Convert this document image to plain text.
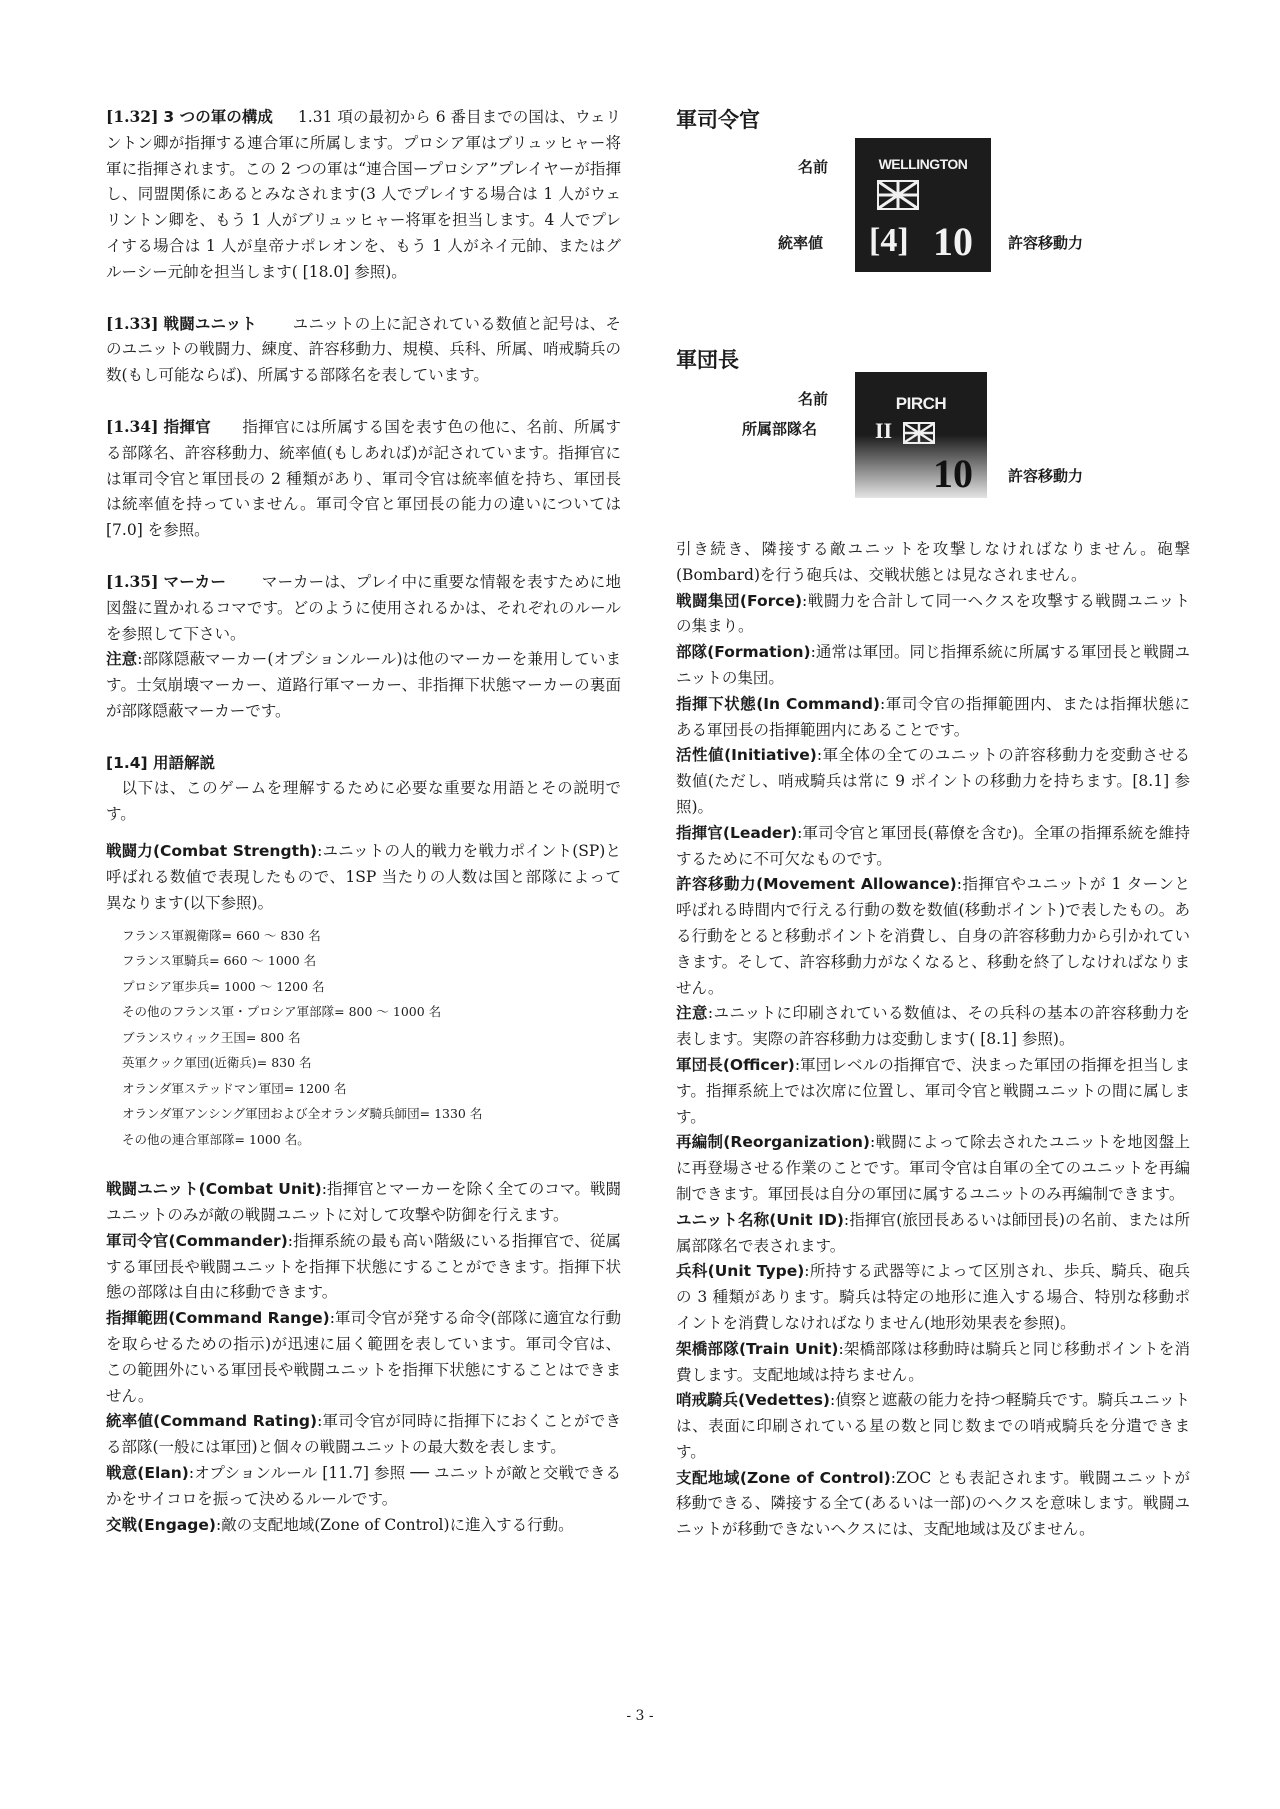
[1.32] 3 つの軍の構成 1.31 項の最初から 6 番目までの国は、ウェリントン卿が指揮する連合軍に所属します。プロシア軍はブリュッヒャー将軍に指揮されます。この 2 つの軍は“連合国ープロシア”プレイヤーが指揮し、同盟関係にあるとみなされます(3 人でプレイする場合は 1 人がウェリントン卿を、もう 1 人がブリュッヒャー将軍を担当します。4 人でプレイする場合は 1 人が皇帝ナポレオンを、もう 1 人がネイ元帥、またはグルーシー元帥を担当します( [18.0] 参照)。

[1.33] 戦闘ユニット ユニットの上に記されている数値と記号は、そのユニットの戦闘力、練度、許容移動力、規模、兵科、所属、哨戒騎兵の数(もし可能ならば)、所属する部隊名を表しています。

[1.34] 指揮官 指揮官には所属する国を表す色の他に、名前、所属する部隊名、許容移動力、統率値(もしあれば)が記されています。指揮官には軍司令官と軍団長の 2 種類があり、軍司令官は統率値を持ち、軍団長は統率値を持っていません。軍司令官と軍団長の能力の違いについては [7.0] を参照。

[1.35] マーカー マーカーは、プレイ中に重要な情報を表すために地図盤に置かれるコマです。どのように使用されるかは、それぞれのルールを参照して下さい。

注意:部隊隠蔽マーカー(オプションルール)は他のマーカーを兼用しています。士気崩壊マーカー、道路行軍マーカー、非指揮下状態マーカーの裏面が部隊隠蔽マーカーです。

[1.4] 用語解説

以下は、このゲームを理解するために必要な重要な用語とその説明です。

戦闘力(Combat Strength):ユニットの人的戦力を戦力ポイント(SP)と呼ばれる数値で表現したもので、1SP 当たりの人数は国と部隊によって異なります(以下参照)。

フランス軍親衛隊= 660 ～ 830 名
フランス軍騎兵= 660 ～ 1000 名
プロシア軍歩兵= 1000 ～ 1200 名
その他のフランス軍・プロシア軍部隊= 800 ～ 1000 名
ブランスウィック王国= 800 名
英軍クック軍団(近衛兵)= 830 名
オランダ軍ステッドマン軍団= 1200 名
オランダ軍アンシング軍団および全オランダ騎兵師団= 1330 名
その他の連合軍部隊= 1000 名。

戦闘ユニット(Combat Unit):指揮官とマーカーを除く全てのコマ。戦闘ユニットのみが敵の戦闘ユニットに対して攻撃や防御を行えます。

軍司令官(Commander):指揮系統の最も高い階級にいる指揮官で、従属する軍団長や戦闘ユニットを指揮下状態にすることができます。指揮下状態の部隊は自由に移動できます。

指揮範囲(Command Range):軍司令官が発する命令(部隊に適宜な行動を取らせるための指示)が迅速に届く範囲を表しています。軍司令官は、この範囲外にいる軍団長や戦闘ユニットを指揮下状態にすることはできません。

統率値(Command Rating):軍司令官が同時に指揮下におくことができる部隊(一般には軍団)と個々の戦闘ユニットの最大数を表します。

戦意(Elan):オプションルール [11.7] 参照 ── ユニットが敵と交戦できるかをサイコロを振って決めるルールです。

交戦(Engage):敵の支配地域(Zone of Control)に進入する行動。

軍司令官
名前
統率値	許容移動力
WELLINGTON
[4] 10
軍団長
名前
所属部隊名
許容移動力
PIRCH
II
10

引き続き、隣接する敵ユニットを攻撃しなければなりません。砲撃(Bombard)を行う砲兵は、交戦状態とは見なされません。

戦闘集団(Force):戦闘力を合計して同一ヘクスを攻撃する戦闘ユニットの集まり。

部隊(Formation):通常は軍団。同じ指揮系統に所属する軍団長と戦闘ユニットの集団。

指揮下状態(In Command):軍司令官の指揮範囲内、または指揮状態にある軍団長の指揮範囲内にあることです。

活性値(Initiative):軍全体の全てのユニットの許容移動力を変動させる数値(ただし、哨戒騎兵は常に 9 ポイントの移動力を持ちます。[8.1] 参照)。

指揮官(Leader):軍司令官と軍団長(幕僚を含む)。全軍の指揮系統を維持するために不可欠なものです。

許容移動力(Movement Allowance):指揮官やユニットが 1 ターンと呼ばれる時間内で行える行動の数を数値(移動ポイント)で表したもの。ある行動をとると移動ポイントを消費し、自身の許容移動力から引かれていきます。そして、許容移動力がなくなると、移動を終了しなければなりません。

注意:ユニットに印刷されている数値は、その兵科の基本の許容移動力を表します。実際の許容移動力は変動します( [8.1] 参照)。

軍団長(Officer):軍団レベルの指揮官で、決まった軍団の指揮を担当します。指揮系統上では次席に位置し、軍司令官と戦闘ユニットの間に属します。

再編制(Reorganization):戦闘によって除去されたユニットを地図盤上に再登場させる作業のことです。軍司令官は自軍の全てのユニットを再編制できます。軍団長は自分の軍団に属するユニットのみ再編制できます。

ユニット名称(Unit ID):指揮官(旅団長あるいは師団長)の名前、または所属部隊名で表されます。

兵科(Unit Type):所持する武器等によって区別され、歩兵、騎兵、砲兵の 3 種類があります。騎兵は特定の地形に進入する場合、特別な移動ポイントを消費しなければなりません(地形効果表を参照)。

架橋部隊(Train Unit):架橋部隊は移動時は騎兵と同じ移動ポイントを消費します。支配地域は持ちません。

哨戒騎兵(Vedettes):偵察と遮蔽の能力を持つ軽騎兵です。騎兵ユニットは、表面に印刷されている星の数と同じ数までの哨戒騎兵を分遣できます。

支配地域(Zone of Control):ZOC とも表記されます。戦闘ユニットが移動できる、隣接する全て(あるいは一部)のヘクスを意味します。戦闘ユニットが移動できないヘクスには、支配地域は及びません。

- 3 -
